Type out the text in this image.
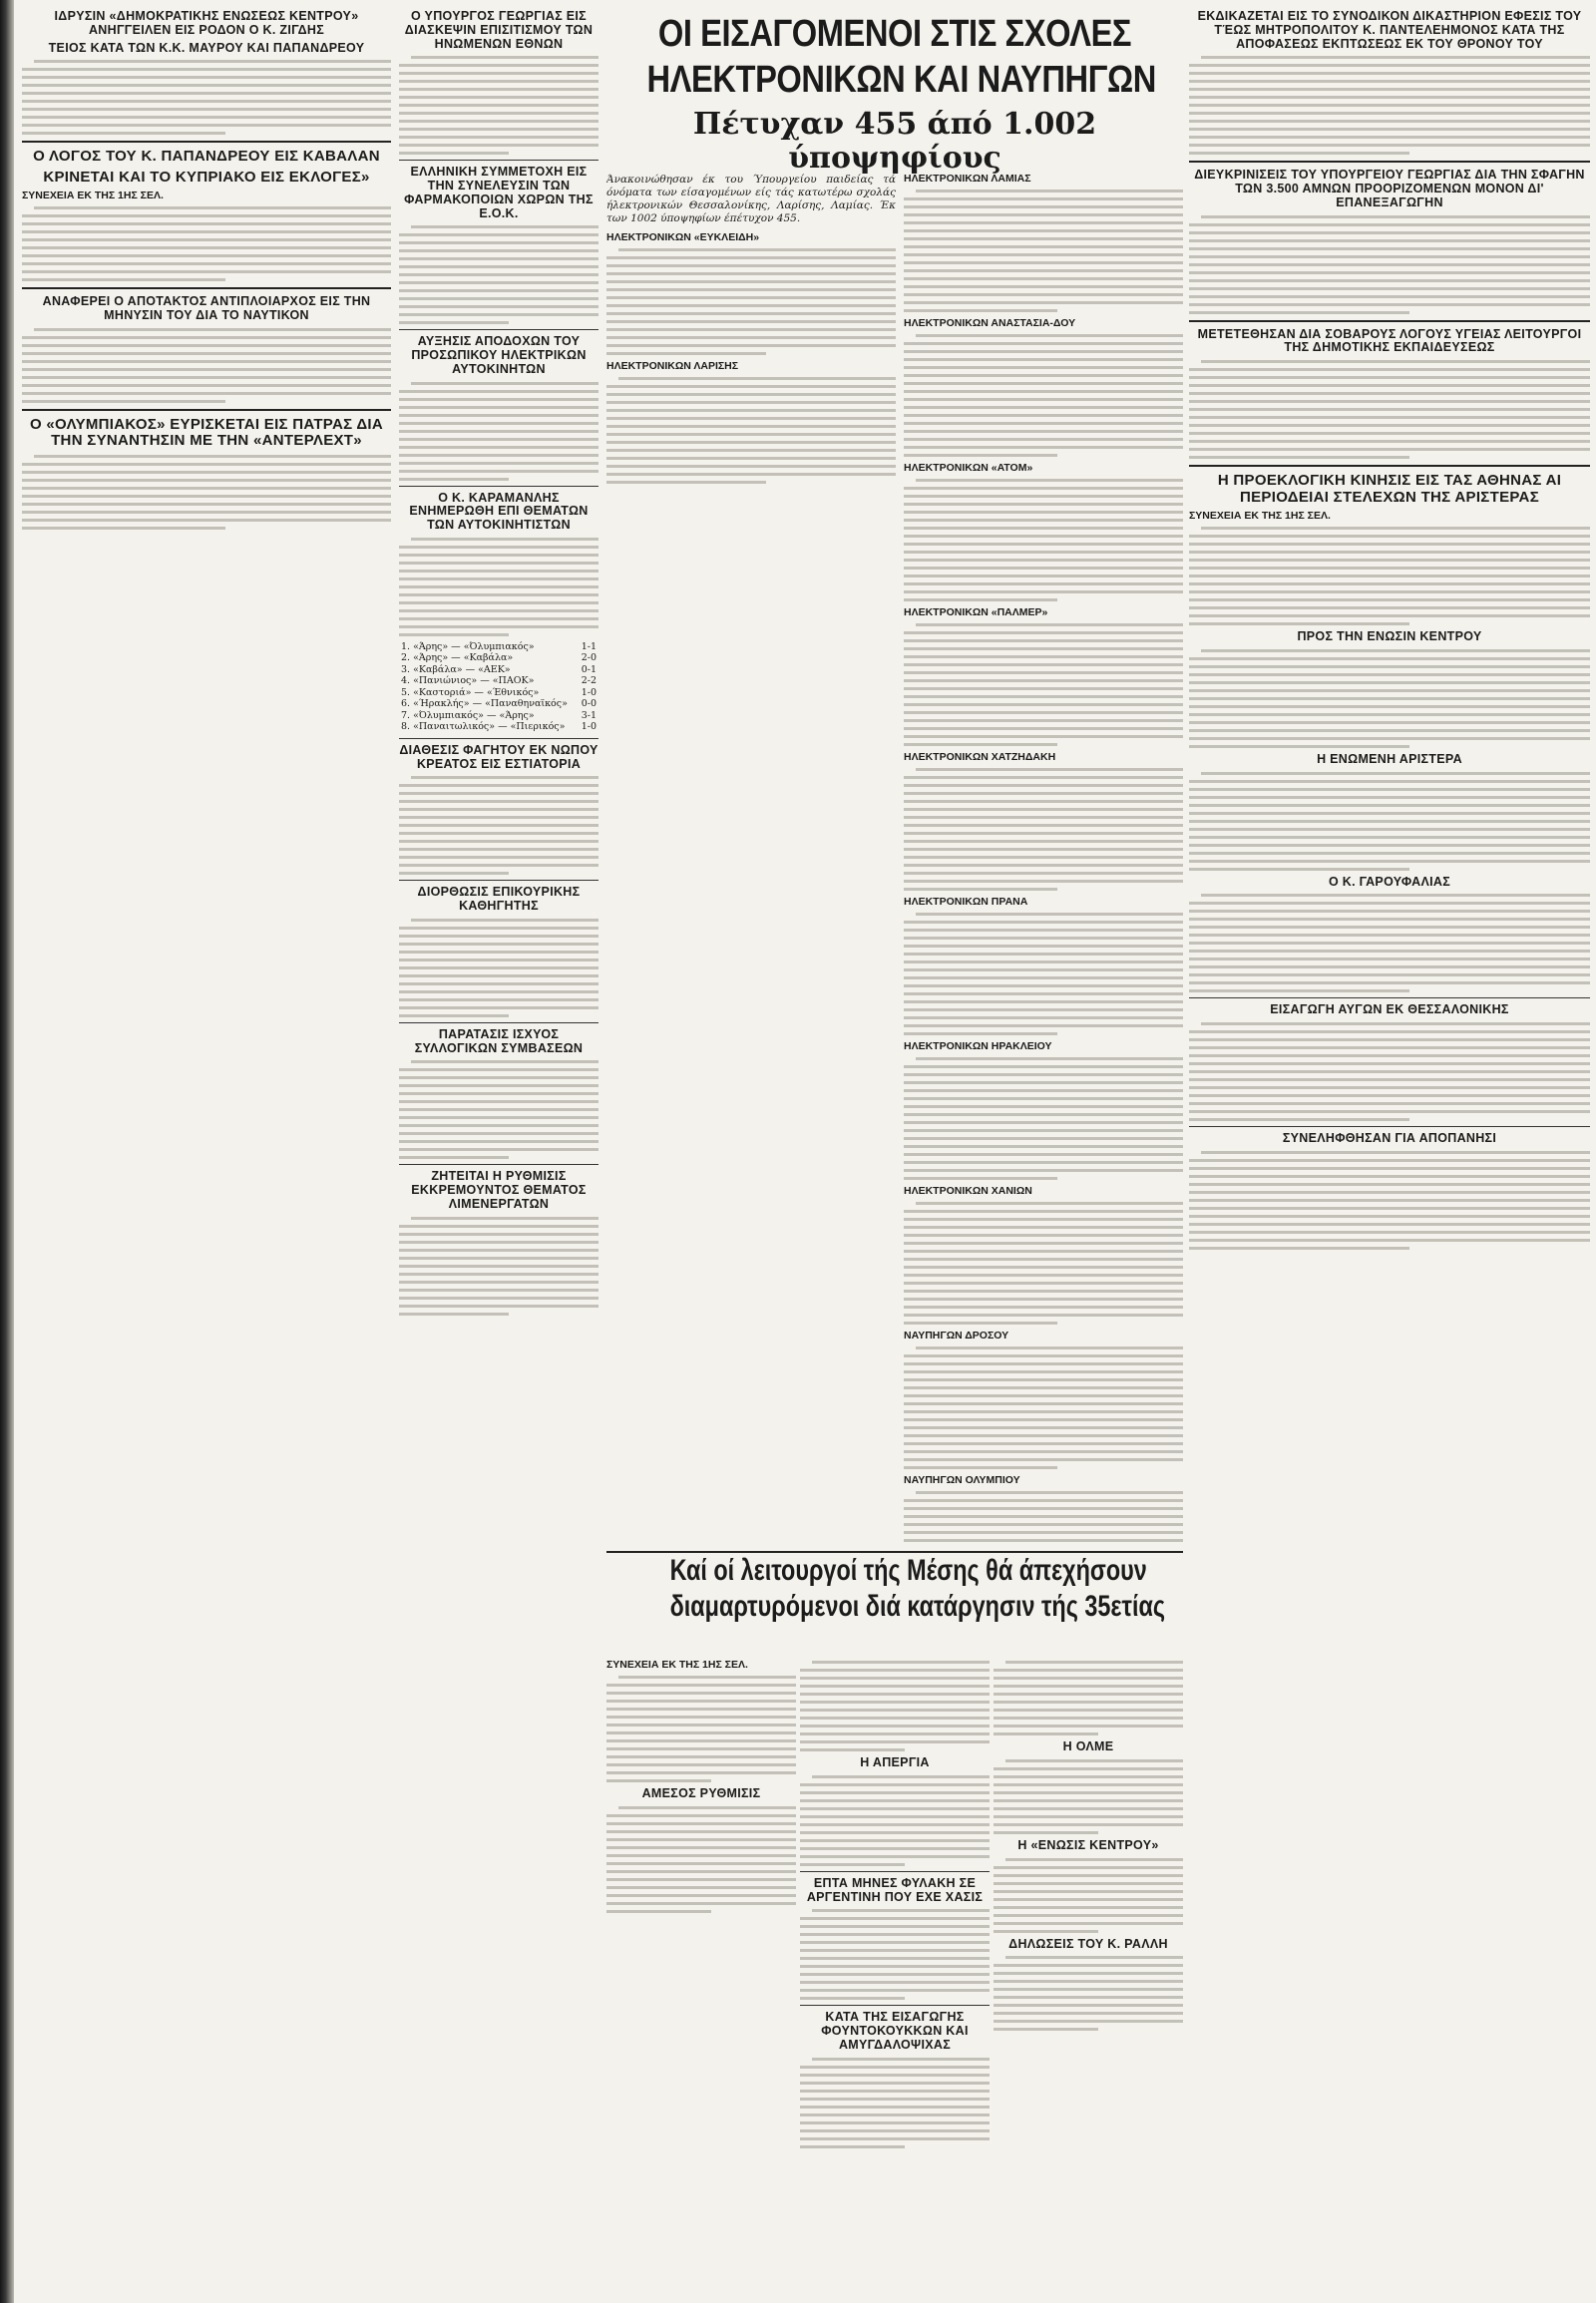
ΙΔΡΥΣΙΝ «ΔΗΜΟΚΡΑΤΙΚΗΣ ΕΝΩΣΕΩΣ ΚΕΝΤΡΟΥ» ΑΝΗΓΓΕΙΛΕΝ ΕΙΣ ΡΟΔΟΝ Ο Κ. ΖΙΓΔΗΣ
ΤΕΙΟΣ ΚΑΤΑ ΤΩΝ Κ.Κ. ΜΑΥΡΟΥ ΚΑΙ ΠΑΠΑΝΔΡΕΟΥ
Ο ΛΟΓΟΣ ΤΟΥ Κ. ΠΑΠΑΝΔΡΕΟΥ ΕΙΣ ΚΑΒΑΛΑΝ
ΚΡΙΝΕΤΑΙ ΚΑΙ ΤΟ ΚΥΠΡΙΑΚΟ ΕΙΣ ΕΚΛΟΓΕΣ»
ΣΥΝΕΧΕΙΑ ΕΚ ΤΗΣ 1ΗΣ ΣΕΛ.
ΑΝΑΦΕΡΕΙ Ο ΑΠΟΤΑΚΤΟΣ ΑΝΤΙΠΛΟΙΑΡΧΟΣ ΕΙΣ ΤΗΝ ΜΗΝΥΣΙΝ ΤΟΥ ΔΙΑ ΤΟ ΝΑΥΤΙΚΟΝ
Ο «ΟΛΥΜΠΙΑΚΟΣ» ΕΥΡΙΣΚΕΤΑΙ ΕΙΣ ΠΑΤΡΑΣ ΔΙΑ ΤΗΝ ΣΥΝΑΝΤΗΣΙΝ ΜΕ ΤΗΝ «ΑΝΤΕΡΛΕΧΤ»
Ο ΥΠΟΥΡΓΟΣ ΓΕΩΡΓΙΑΣ ΕΙΣ ΔΙΑΣΚΕΨΙΝ ΕΠΙΣΙΤΙΣΜΟΥ ΤΩΝ ΗΝΩΜΕΝΩΝ ΕΘΝΩΝ
ΕΛΛΗΝΙΚΗ ΣΥΜΜΕΤΟΧΗ ΕΙΣ ΤΗΝ ΣΥΝΕΛΕΥΣΙΝ ΤΩΝ ΦΑΡΜΑΚΟΠΟΙΩΝ ΧΩΡΩΝ ΤΗΣ Ε.Ο.Κ.
ΑΥΞΗΣΙΣ ΑΠΟΔΟΧΩΝ ΤΟΥ ΠΡΟΣΩΠΙΚΟΥ ΗΛΕΚΤΡΙΚΩΝ ΑΥΤΟΚΙΝΗΤΩΝ
Ο Κ. ΚΑΡΑΜΑΝΛΗΣ ΕΝΗΜΕΡΩΘΗ ΕΠΙ ΘΕΜΑΤΩΝ ΤΩΝ ΑΥΤΟΚΙΝΗΤΙΣΤΩΝ
1. «Άρης» — «Όλυμπιακός»	1-1
2. «Άρης» — «Καβάλα»	2-0
3. «Καβάλα» — «ΑΕΚ»	0-1
4. «Πανιώνιος» — «ΠΑΟΚ»	2-2
5. «Καστοριά» — «Έθνικός»	1-0
6. «Ήρακλής» — «Παναθηναϊκός»	0-0
7. «Όλυμπιακός» — «Άρης»	3-1
8. «Παναιτωλικός» — «Πιερικός»	1-0
ΔΙΑΘΕΣΙΣ ΦΑΓΗΤΟΥ ΕΚ ΝΩΠΟΥ ΚΡΕΑΤΟΣ ΕΙΣ ΕΣΤΙΑΤΟΡΙΑ
ΔΙΟΡΘΩΣΙΣ ΕΠΙΚΟΥΡΙΚΗΣ ΚΑΘΗΓΗΤΗΣ
ΠΑΡΑΤΑΣΙΣ ΙΣΧΥΟΣ ΣΥΛΛΟΓΙΚΩΝ ΣΥΜΒΑΣΕΩΝ
ΖΗΤΕΙΤΑΙ Η ΡΥΘΜΙΣΙΣ ΕΚΚΡΕΜΟΥΝΤΟΣ ΘΕΜΑΤΟΣ ΛΙΜΕΝΕΡΓΑΤΩΝ
ΟΙ ΕΙΣΑΓΟΜΕΝΟΙ ΣΤΙΣ ΣΧΟΛΕΣ
ΗΛΕΚΤΡΟΝΙΚΩΝ ΚΑΙ ΝΑΥΠΗΓΩΝ
Πέτυχαν 455 άπό 1.002 ύποψηφίους
Άνακοινώθησαν έκ του Ύπουργείου παιδείας τά όνόματα των είσαγομένων είς τάς κατωτέρω σχολάς ήλεκτρονικών Θεσσαλονίκης, Λαρίσης, Λαμίας. Έκ των 1002 ύποψηφίων έπέτυχον 455.
ΗΛΕΚΤΡΟΝΙΚΩΝ «ΕΥΚΛΕΙΔΗ»
ΗΛΕΚΤΡΟΝΙΚΩΝ ΛΑΡΙΣΗΣ
ΗΛΕΚΤΡΟΝΙΚΩΝ ΛΑΜΙΑΣ
ΗΛΕΚΤΡΟΝΙΚΩΝ ΑΝΑΣΤΑΣΙΑ-ΔΟΥ
ΗΛΕΚΤΡΟΝΙΚΩΝ «ΑΤΟΜ»
ΗΛΕΚΤΡΟΝΙΚΩΝ «ΠΑΛΜΕΡ»
ΗΛΕΚΤΡΟΝΙΚΩΝ ΧΑΤΖΗΔΑΚΗ
ΗΛΕΚΤΡΟΝΙΚΩΝ ΠΡΑΝΑ
ΗΛΕΚΤΡΟΝΙΚΩΝ ΗΡΑΚΛΕΙΟΥ
ΗΛΕΚΤΡΟΝΙΚΩΝ ΧΑΝΙΩΝ
ΝΑΥΠΗΓΩΝ ΔΡΟΣΟΥ
ΝΑΥΠΗΓΩΝ ΟΛΥΜΠΙΟΥ
Καί οί λειτουργοί τής Μέσης θά άπεχήσουν
διαμαρτυρόμενοι διά κατάργησιν τής 35ετίας
ΣΥΝΕΧΕΙΑ ΕΚ ΤΗΣ 1ΗΣ ΣΕΛ.
ΑΜΕΣΟΣ ΡΥΘΜΙΣΙΣ
Η ΑΠΕΡΓΙΑ
ΕΠΤΑ ΜΗΝΕΣ ΦΥΛΑΚΗ ΣΕ ΑΡΓΕΝΤΙΝΗ ΠΟΥ ΕΧΕ ΧΑΣΙΣ
ΚΑΤΑ ΤΗΣ ΕΙΣΑΓΩΓΗΣ ΦΟΥΝΤΟΚΟΥΚΚΩΝ ΚΑΙ ΑΜΥΓΔΑΛΟΨΙΧΑΣ
Η ΟΛΜΕ
Η «ΕΝΩΣΙΣ ΚΕΝΤΡΟΥ»
ΔΗΛΩΣΕΙΣ ΤΟΥ Κ. ΡΑΛΛΗ
ΕΚΔΙΚΑΖΕΤΑΙ ΕΙΣ ΤΟ ΣΥΝΟΔΙΚΟΝ ΔΙΚΑΣΤΗΡΙΟΝ ΕΦΕΣΙΣ ΤΟΥ ΤΈΩΣ ΜΗΤΡΟΠΟΛΙΤΟΥ Κ. ΠΑΝΤΕΛΕΗΜΟΝΟΣ ΚΑΤΑ ΤΗΣ ΑΠΟΦΑΣΕΩΣ ΕΚΠΤΩΣΕΩΣ ΕΚ ΤΟΥ ΘΡΟΝΟΥ ΤΟΥ
ΔΙΕΥΚΡΙΝΙΣΕΙΣ ΤΟΥ ΥΠΟΥΡΓΕΙΟΥ ΓΕΩΡΓΙΑΣ ΔΙΑ ΤΗΝ ΣΦΑΓΗΝ ΤΩΝ 3.500 ΑΜΝΩΝ ΠΡΟΟΡΙΖΟΜΕΝΩΝ ΜΟΝΟΝ ΔΙ' ΕΠΑΝΕΞΑΓΩΓΗΝ
ΜΕΤΕΤΕΘΗΣΑΝ ΔΙΑ ΣΟΒΑΡΟΥΣ ΛΟΓΟΥΣ ΥΓΕΙΑΣ ΛΕΙΤΟΥΡΓΟΙ ΤΗΣ ΔΗΜΟΤΙΚΗΣ ΕΚΠΑΙΔΕΥΣΕΩΣ
Η ΠΡΟΕΚΛΟΓΙΚΗ ΚΙΝΗΣΙΣ ΕΙΣ ΤΑΣ ΑΘΗΝΑΣ ΑΙ ΠΕΡΙΟΔΕΙΑΙ ΣΤΕΛΕΧΩΝ ΤΗΣ ΑΡΙΣΤΕΡΑΣ
ΣΥΝΕΧΕΙΑ ΕΚ ΤΗΣ 1ΗΣ ΣΕΛ.
ΠΡΟΣ ΤΗΝ ΕΝΩΣΙΝ ΚΕΝΤΡΟΥ
Η ΕΝΩΜΕΝΗ ΑΡΙΣΤΕΡΑ
Ο Κ. ΓΑΡΟΥΦΑΛΙΑΣ
ΕΙΣΑΓΩΓΗ ΑΥΓΩΝ ΕΚ ΘΕΣΣΑΛΟΝΙΚΗΣ
ΣΥΝΕΛΗΦΘΗΣΑΝ ΓΙΑ ΑΠΟΠΑΝΗΣΙ
